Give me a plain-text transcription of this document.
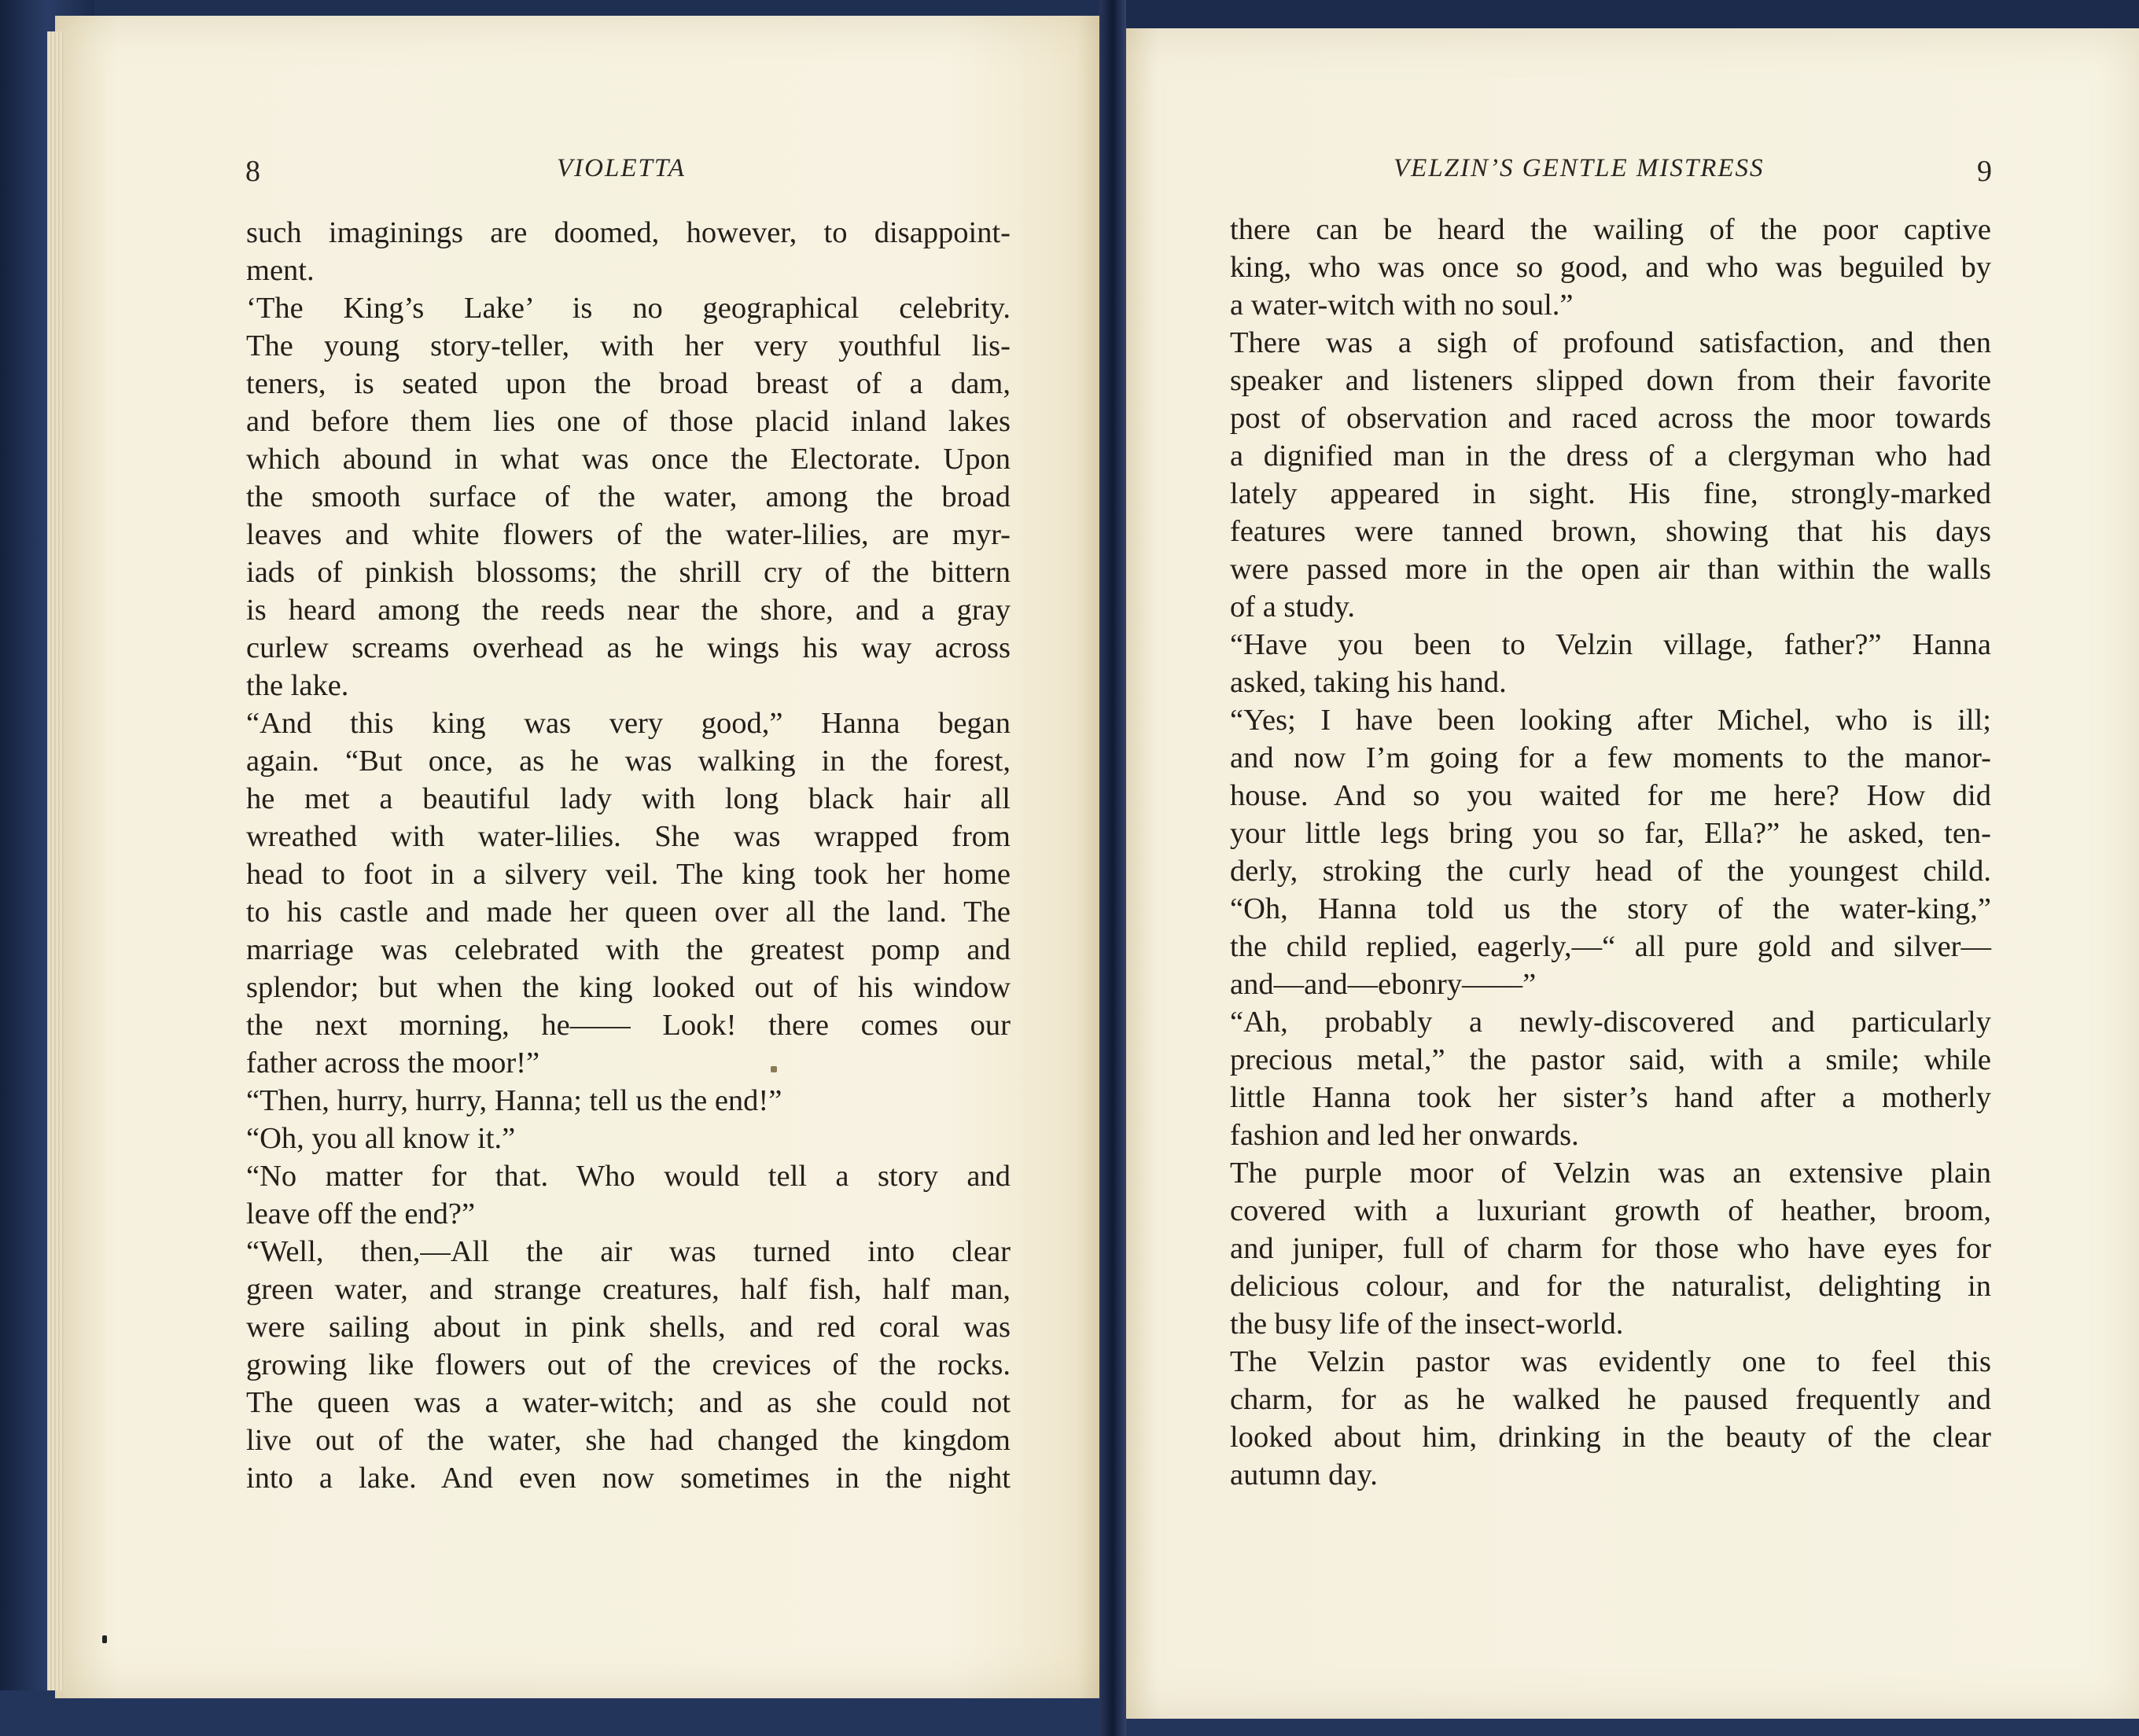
8	VIOLETTA	VELZIN’S GENTLE MISTRESS	9
such imaginings are doomed, however, to disappoint-
ment.
‘The King’s Lake’ is no geographical celebrity.
The young story-teller, with her very youthful lis-
teners, is seated upon the broad breast of a dam,
and before them lies one of those placid inland lakes
which abound in what was once the Electorate. Upon
the smooth surface of the water, among the broad
leaves and white flowers of the water-lilies, are myr-
iads of pinkish blossoms; the shrill cry of the bittern
is heard among the reeds near the shore, and a gray
curlew screams overhead as he wings his way across
the lake.
“And this king was very good,” Hanna began
again. “But once, as he was walking in the forest,
he met a beautiful lady with long black hair all
wreathed with water-lilies. She was wrapped from
head to foot in a silvery veil. The king took her home
to his castle and made her queen over all the land. The
marriage was celebrated with the greatest pomp and
splendor; but when the king looked out of his window
the next morning, he—— Look! there comes our
father across the moor!”
“Then, hurry, hurry, Hanna; tell us the end!”
“Oh, you all know it.”
“No matter for that. Who would tell a story and
leave off the end?”
“Well, then,—All the air was turned into clear
green water, and strange creatures, half fish, half man,
were sailing about in pink shells, and red coral was
growing like flowers out of the crevices of the rocks.
The queen was a water-witch; and as she could not
live out of the water, she had changed the kingdom
into a lake. And even now sometimes in the night
there can be heard the wailing of the poor captive
king, who was once so good, and who was beguiled by
a water-witch with no soul.”
There was a sigh of profound satisfaction, and then
speaker and listeners slipped down from their favorite
post of observation and raced across the moor towards
a dignified man in the dress of a clergyman who had
lately appeared in sight. His fine, strongly-marked
features were tanned brown, showing that his days
were passed more in the open air than within the walls
of a study.
“Have you been to Velzin village, father?” Hanna
asked, taking his hand.
“Yes; I have been looking after Michel, who is ill;
and now I’m going for a few moments to the manor-
house. And so you waited for me here? How did
your little legs bring you so far, Ella?” he asked, ten-
derly, stroking the curly head of the youngest child.
“Oh, Hanna told us the story of the water-king,”
the child replied, eagerly,—“ all pure gold and silver—
and—and—ebonry——”
“Ah, probably a newly-discovered and particularly
precious metal,” the pastor said, with a smile; while
little Hanna took her sister’s hand after a motherly
fashion and led her onwards.
The purple moor of Velzin was an extensive plain
covered with a luxuriant growth of heather, broom,
and juniper, full of charm for those who have eyes for
delicious colour, and for the naturalist, delighting in
the busy life of the insect-world.
The Velzin pastor was evidently one to feel this
charm, for as he walked he paused frequently and
looked about him, drinking in the beauty of the clear
autumn day.
